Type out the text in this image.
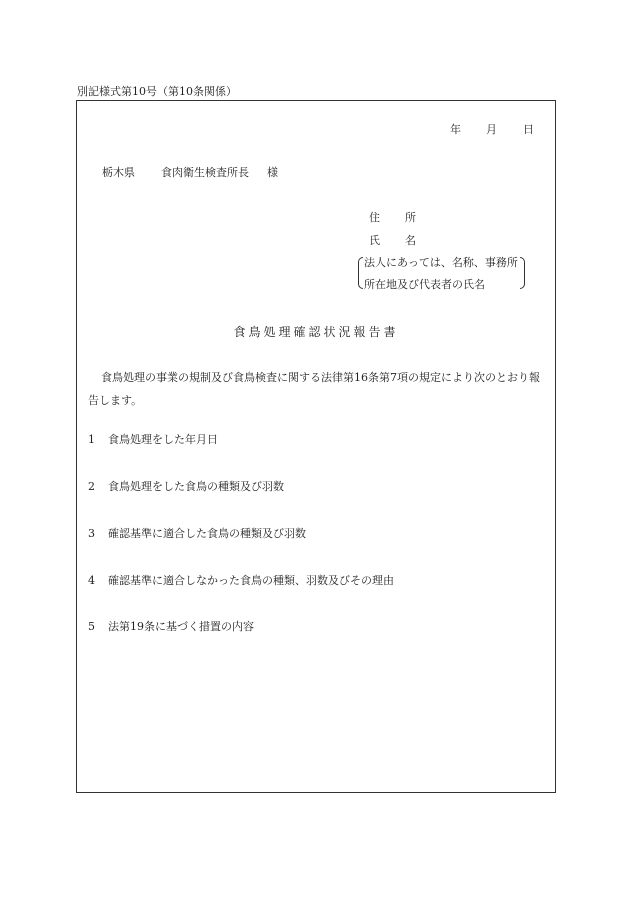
別記様式第10号（第10条関係）
年 月 日
栃木県 食肉衛生検査所長 様
住 所
氏 名
法人にあっては、名称、事務所所在地及び代表者の氏名
食鳥処理確認状況報告書
食鳥処理の事業の規制及び食鳥検査に関する法律第16条第7項の規定により次のとおり報告します。
1 食鳥処理をした年月日
2 食鳥処理をした食鳥の種類及び羽数
3 確認基準に適合した食鳥の種類及び羽数
4 確認基準に適合しなかった食鳥の種類、羽数及びその理由
5 法第19条に基づく措置の内容
